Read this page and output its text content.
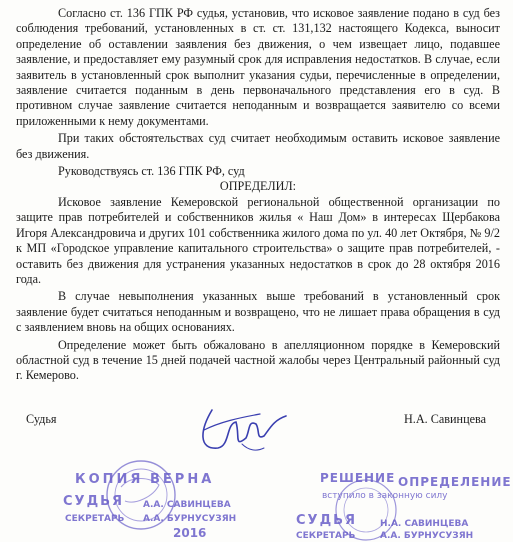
Согласно ст. 136 ГПК РФ судья, установив, что исковое заявление подано в суд без соблюдения требований, установленных в ст. ст. 131,132 настоящего Кодекса, выносит определение об оставлении заявления без движения, о чем извещает лицо, подавшее заявление, и предоставляет ему разумный срок для исправления недостатков. В случае, если заявитель в установленный срок выполнит указания судьи, перечисленные в определении, заявление считается поданным в день первоначального представления его в суд. В противном случае заявление считается неподанным и возвращается заявителю со всеми приложенными к нему документами.

При таких обстоятельствах суд считает необходимым оставить исковое заявление без движения.

Руководствуясь ст. 136 ГПК РФ, суд

ОПРЕДЕЛИЛ:

Исковое заявление Кемеровской региональной общественной организации по защите прав потребителей и собственников жилья « Наш Дом» в интересах Щербакова Игоря Александровича и других 101 собственника жилого дома по ул. 40 лет Октября, № 9/2 к МП «Городское управление капитального строительства» о защите прав потребителей, - оставить без движения для устранения указанных недостатков в срок до 28 октября 2016 года.

В случае невыполнения указанных выше требований в установленный срок заявление будет считаться неподанным и возвращено, что не лишает права обращения в суд с заявлением вновь на общих основаниях.

Определение может быть обжаловано в апелляционном порядке в Кемеровский областной суд в течение 15 дней подачей частной жалобы через Центральный районный суд г. Кемерово.

Судья	Н.А. Савинцева
КОПИЯ ВЕРНА
СУДЬЯ
СЕКРЕТАРЬ
А.А. САВИНЦЕВА
А.А. БУРНУСУЗЯН
2016
РЕШЕНИЕ ОПРЕДЕЛЕНИЕ
вступило в законную силу
СУДЬЯ
СЕКРЕТАРЬ
Н.А. САВИНЦЕВА
А.А. БУРНУСУЗЯН
